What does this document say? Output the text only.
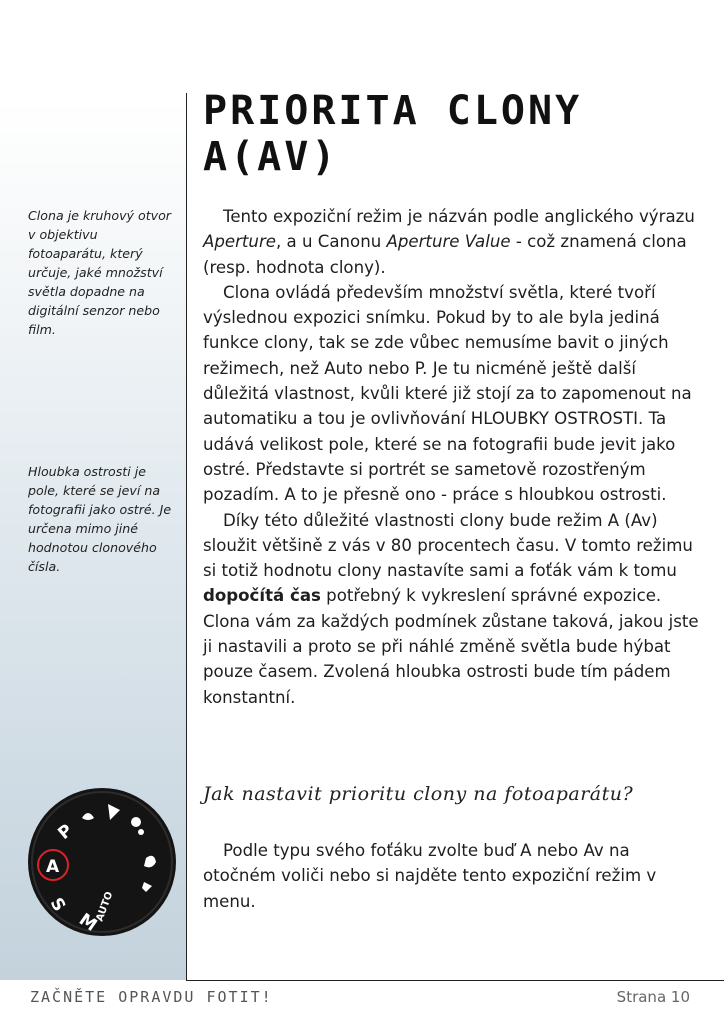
Clona je kruhový otvor v objektivu fotoaparátu, který určuje, jaké množství světla dopadne na digitální senzor nebo film.
Hloubka ostrosti je pole, které se jeví na fotografii jako ostré. Je určena mimo jiné hodnotou clonového čísla.
PRIORITA CLONY A(AV)

Tento expoziční režim je názván podle anglického výrazu Aperture, a u Canonu Aperture Value - což znamená clona (resp. hodnota clony).

Clona ovládá především množství světla, které tvoří výslednou expozici snímku. Pokud by to ale byla jediná funkce clony, tak se zde vůbec nemusíme bavit o jiných režimech, než Auto nebo P. Je tu nicméně ještě další důležitá vlastnost, kvůli které již stojí za to zapomenout na automatiku a tou je ovlivňování HLOUBKY OSTROSTI. Ta udává velikost pole, které se na fotografii bude jevit jako ostré. Představte si portrét se sametově rozostřeným pozadím. A to je přesně ono - práce s hloubkou ostrosti.

Díky této důležité vlastnosti clony bude režim A (Av) sloužit většině z vás v 80 procentech času. V tomto režimu si totiž hodnotu clony nastavíte sami a foťák vám k tomu dopočítá čas potřebný k vykreslení správné expozice. Clona vám za každých podmínek zůstane taková, jakou jste ji nastavili a proto se při náhlé změně světla bude hýbat pouze časem. Zvolená hloubka ostrosti bude tím pádem konstantní.

Jak nastavit prioritu clony na fotoaparátu?

Podle typu svého foťáku zvolte buď A nebo Av na otočném voliči nebo si najděte tento expoziční režim v menu.

P
A
S
M
AUTO
ZAČNĚTE OPRAVDU FOTIT!	Strana 10
